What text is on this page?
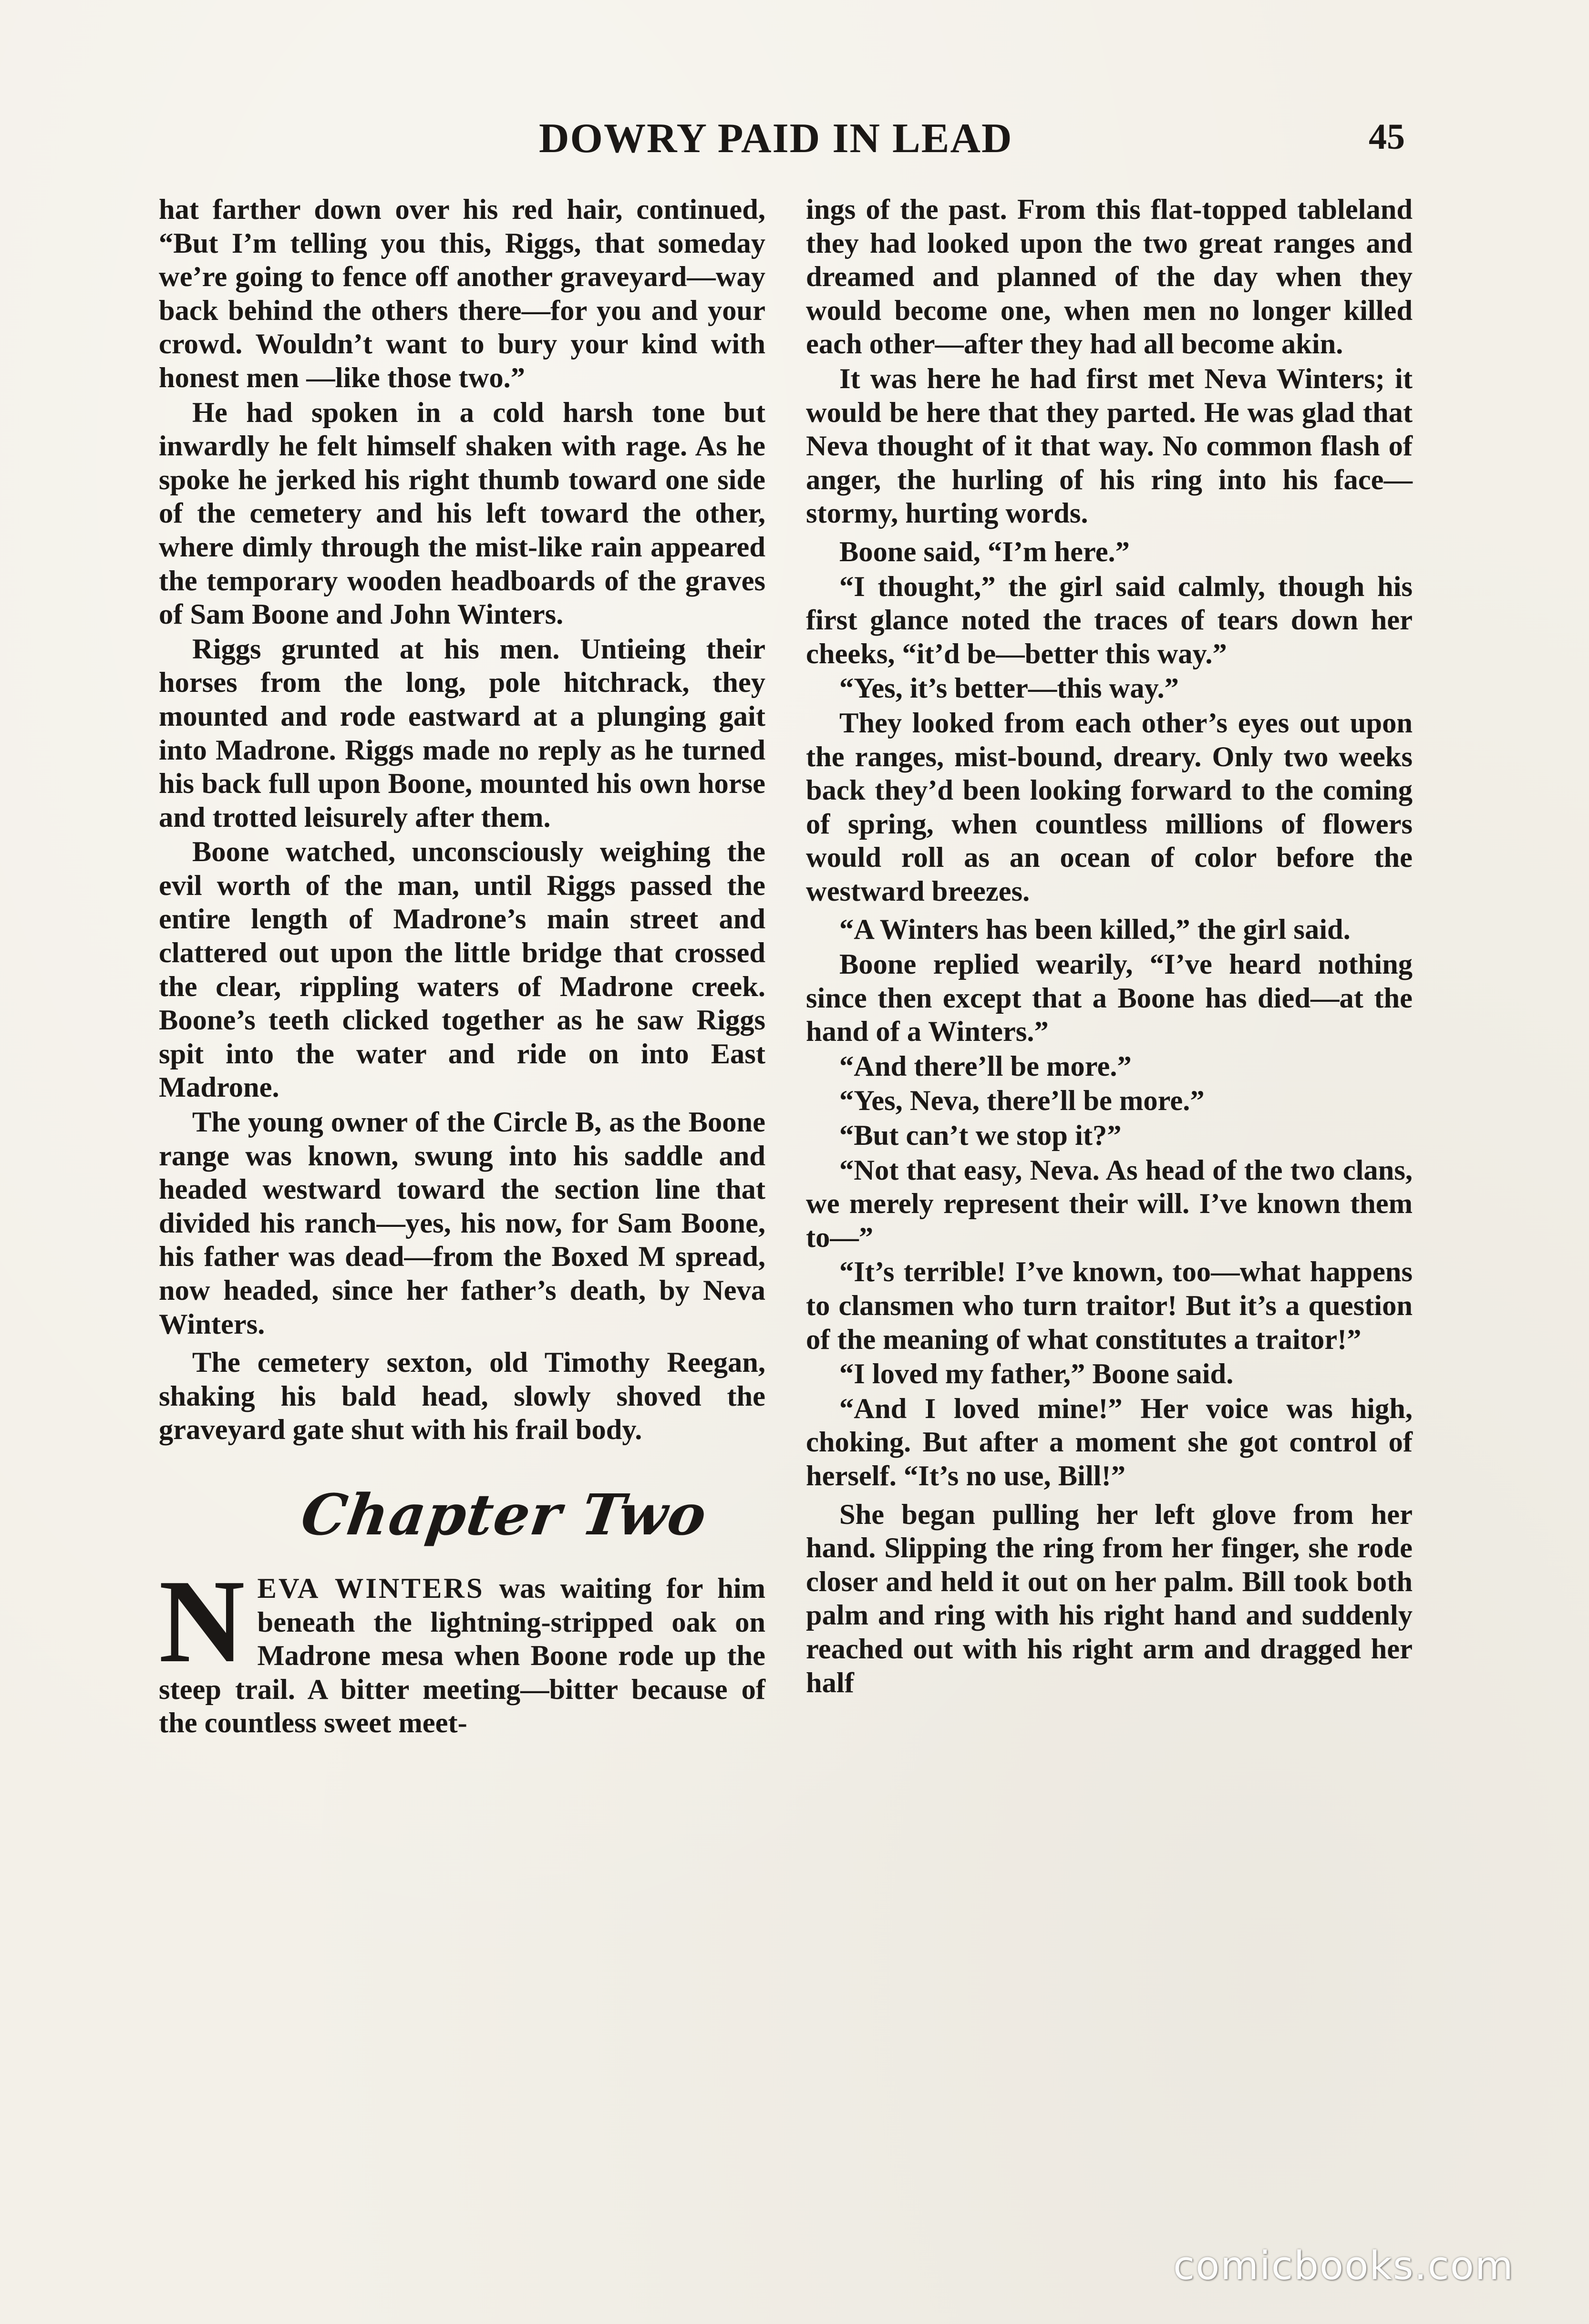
DOWRY PAID IN LEAD	45

hat farther down over his red hair, continued, “But I’m telling you this, Riggs, that someday we’re going to fence off another graveyard—way back behind the others there—for you and your crowd. Wouldn’t want to bury your kind with honest men —like those two.”

He had spoken in a cold harsh tone but inwardly he felt himself shaken with rage. As he spoke he jerked his right thumb toward one side of the cemetery and his left toward the other, where dimly through the mist-like rain appeared the temporary wooden headboards of the graves of Sam Boone and John Winters.

Riggs grunted at his men. Untieing their horses from the long, pole hitchrack, they mounted and rode eastward at a plunging gait into Madrone. Riggs made no reply as he turned his back full upon Boone, mounted his own horse and trotted leisurely after them.

Boone watched, unconsciously weighing the evil worth of the man, until Riggs passed the entire length of Madrone’s main street and clattered out upon the little bridge that crossed the clear, rippling waters of Madrone creek. Boone’s teeth clicked together as he saw Riggs spit into the water and ride on into East Madrone.

The young owner of the Circle B, as the Boone range was known, swung into his saddle and headed westward toward the section line that divided his ranch—yes, his now, for Sam Boone, his father was dead—from the Boxed M spread, now headed, since her father’s death, by Neva Winters.

The cemetery sexton, old Timothy Reegan, shaking his bald head, slowly shoved the graveyard gate shut with his frail body.

Chapter Two

NEVA WINTERS was waiting for him beneath the lightning-stripped oak on Madrone mesa when Boone rode up the steep trail. A bitter meeting—bitter because of the countless sweet meet-

ings of the past. From this flat-topped tableland they had looked upon the two great ranges and dreamed and planned of the day when they would become one, when men no longer killed each other—after they had all become akin.

It was here he had first met Neva Winters; it would be here that they parted. He was glad that Neva thought of it that way. No common flash of anger, the hurling of his ring into his face—stormy, hurting words.

Boone said, “I’m here.”

“I thought,” the girl said calmly, though his first glance noted the traces of tears down her cheeks, “it’d be—better this way.”

“Yes, it’s better—this way.”

They looked from each other’s eyes out upon the ranges, mist-bound, dreary. Only two weeks back they’d been looking forward to the coming of spring, when countless millions of flowers would roll as an ocean of color before the westward breezes.

“A Winters has been killed,” the girl said.

Boone replied wearily, “I’ve heard nothing since then except that a Boone has died—at the hand of a Winters.”

“And there’ll be more.”

“Yes, Neva, there’ll be more.”

“But can’t we stop it?”

“Not that easy, Neva. As head of the two clans, we merely represent their will. I’ve known them to—”

“It’s terrible! I’ve known, too—what happens to clansmen who turn traitor! But it’s a question of the meaning of what constitutes a traitor!”

“I loved my father,” Boone said.

“And I loved mine!” Her voice was high, choking. But after a moment she got control of herself. “It’s no use, Bill!”

She began pulling her left glove from her hand. Slipping the ring from her finger, she rode closer and held it out on her palm. Bill took both palm and ring with his right hand and suddenly reached out with his right arm and dragged her half

comicbooks.com
